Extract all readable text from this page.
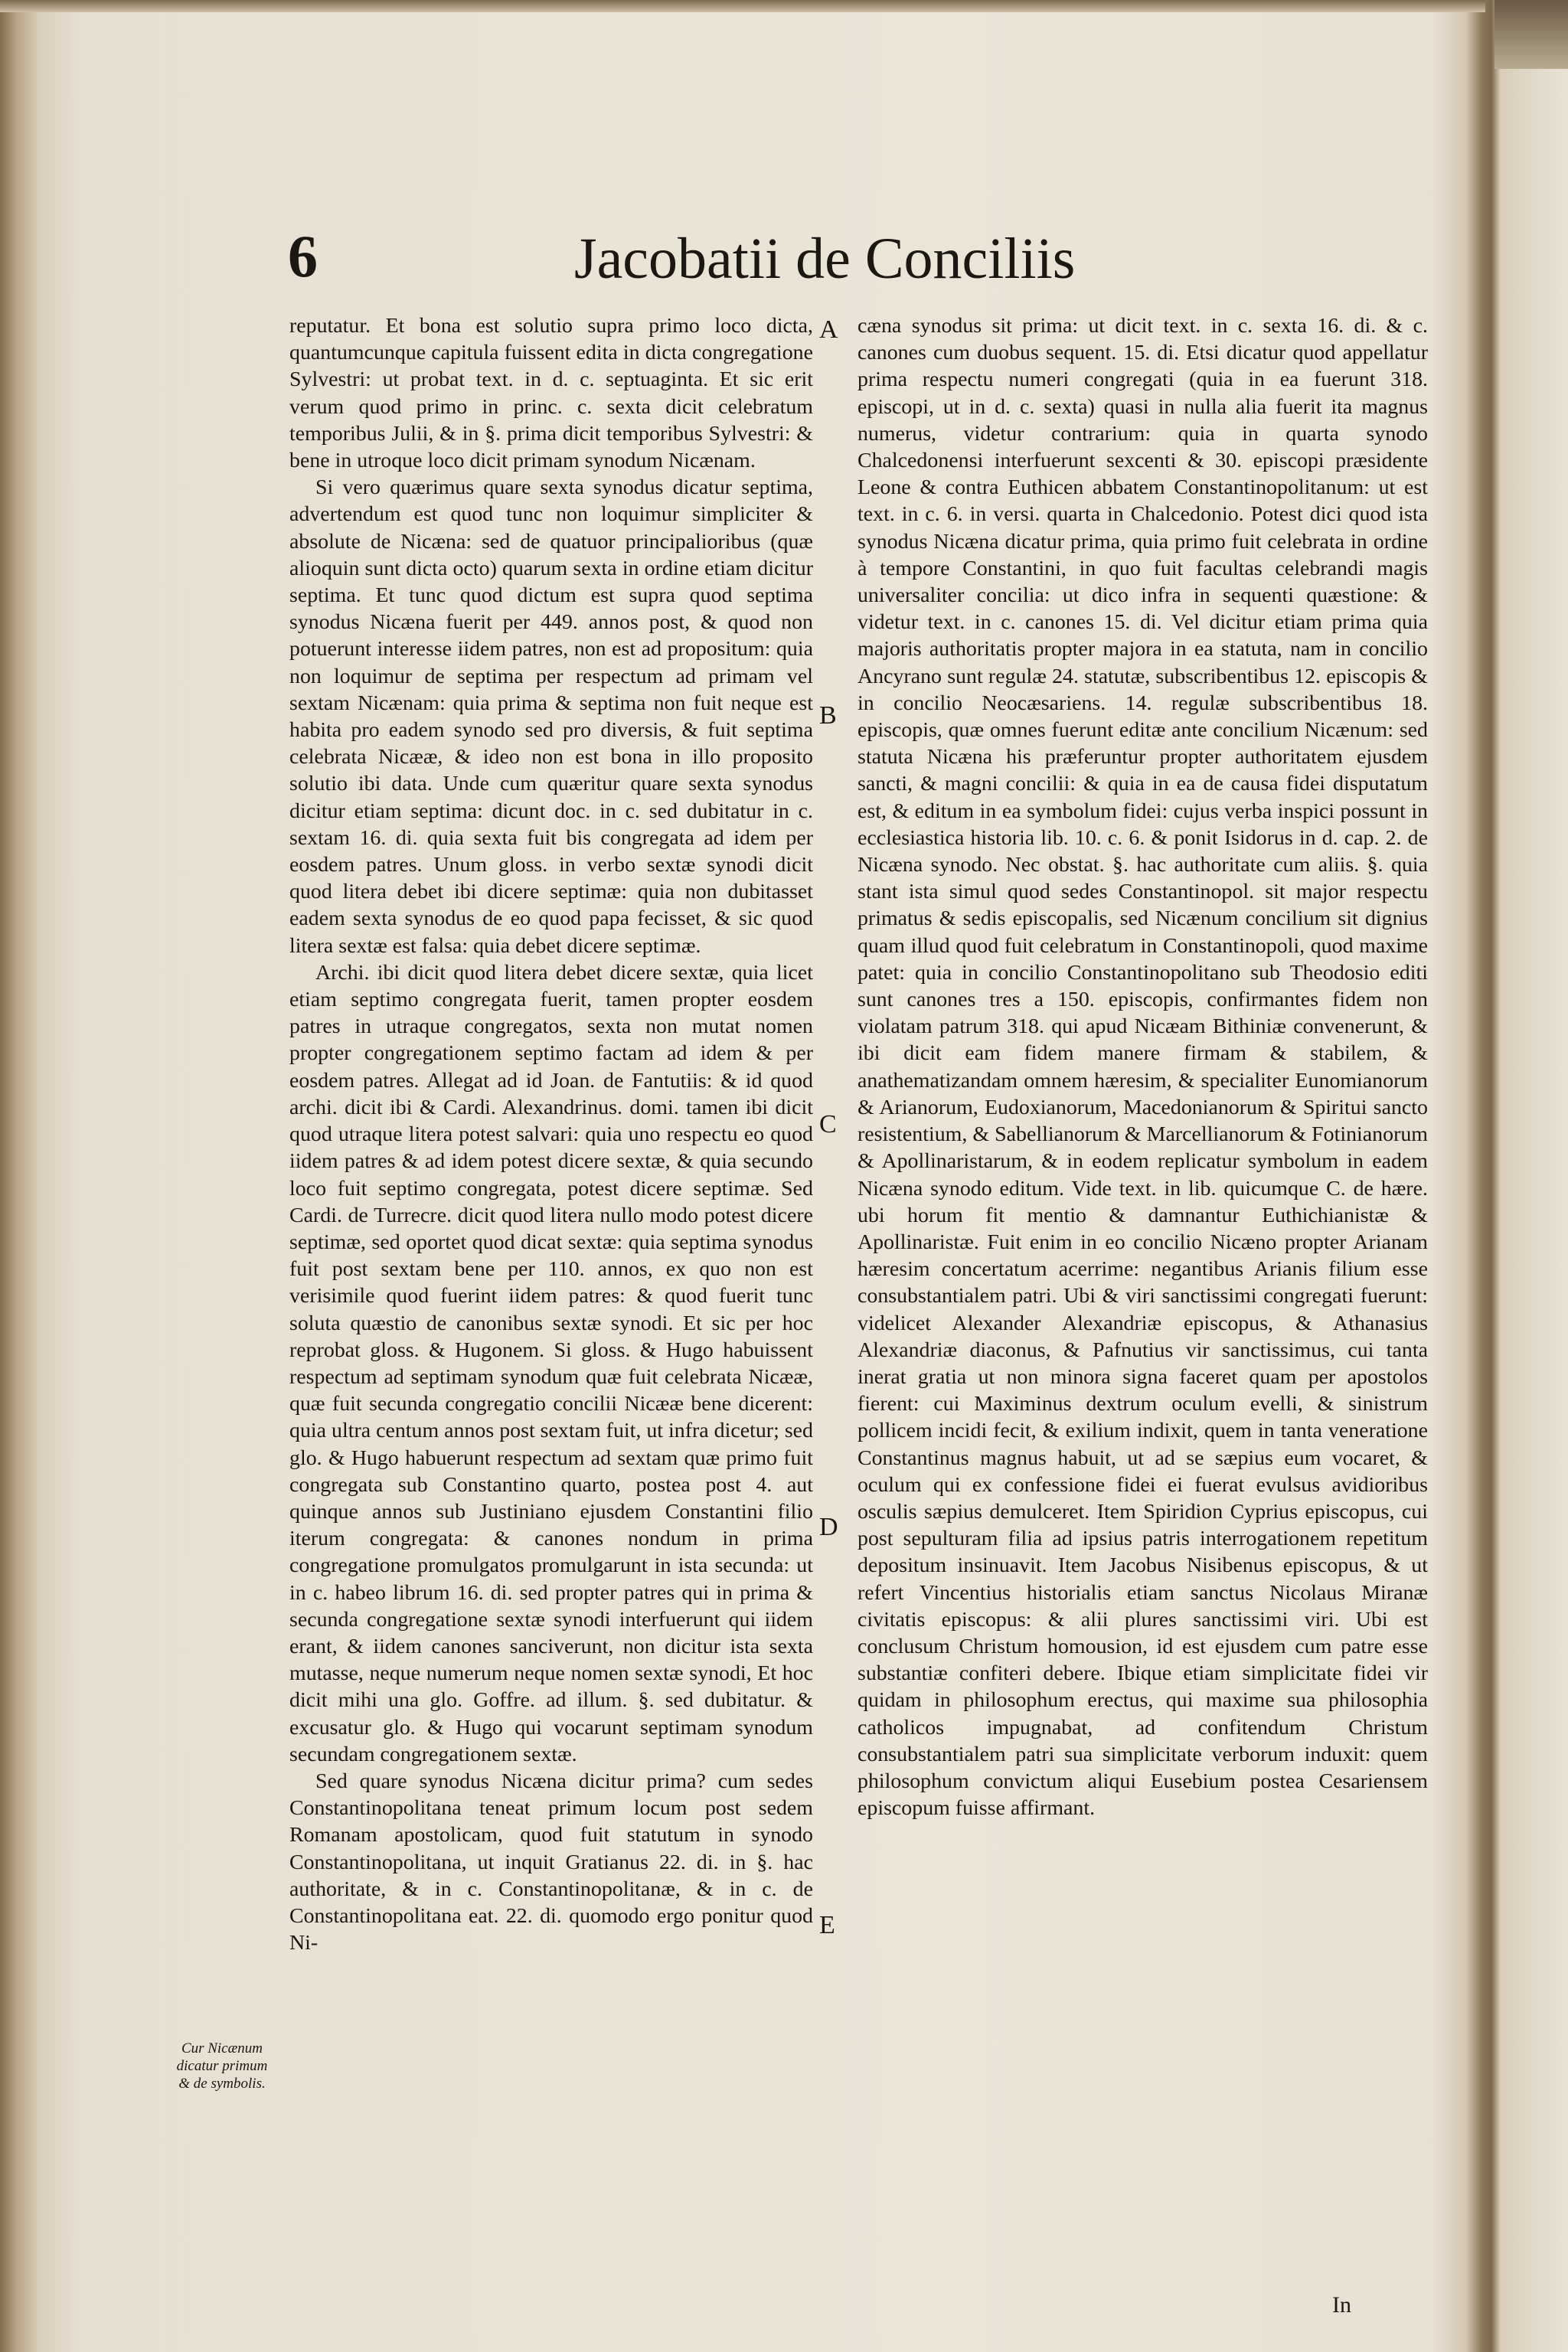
6	Jacobatii de Conciliis

reputatur. Et bona est solutio supra primo loco dicta, quantumcunque capitula fuissent edita in dicta congregatione Sylvestri: ut probat text. in d. c. septuaginta. Et sic erit verum quod primo in princ. c. sexta dicit celebratum temporibus Julii, & in §. prima dicit temporibus Sylvestri: & bene in utroque loco dicit primam synodum Nicænam.

Si vero quærimus quare sexta synodus dicatur septima, advertendum est quod tunc non loquimur simpliciter & absolute de Nicæna: sed de quatuor principalioribus (quæ alioquin sunt dicta octo) quarum sexta in ordine etiam dicitur septima. Et tunc quod dictum est supra quod septima synodus Nicæna fuerit per 449. annos post, & quod non potuerunt interesse iidem patres, non est ad propositum: quia non loquimur de septima per respectum ad primam vel sextam Nicænam: quia prima & septima non fuit neque est habita pro eadem synodo sed pro diversis, & fuit septima celebrata Nicææ, & ideo non est bona in illo proposito solutio ibi data. Unde cum quæritur quare sexta synodus dicitur etiam septima: dicunt doc. in c. sed dubitatur in c. sextam 16. di. quia sexta fuit bis congregata ad idem per eosdem patres. Unum gloss. in verbo sextæ synodi dicit quod litera debet ibi dicere septimæ: quia non dubitasset eadem sexta synodus de eo quod papa fecisset, & sic quod litera sextæ est falsa: quia debet dicere septimæ.

Archi. ibi dicit quod litera debet dicere sextæ, quia licet etiam septimo congregata fuerit, tamen propter eosdem patres in utraque congregatos, sexta non mutat nomen propter congregationem septimo factam ad idem & per eosdem patres. Allegat ad id Joan. de Fantutiis: & id quod archi. dicit ibi & Cardi. Alexandrinus. domi. tamen ibi dicit quod utraque litera potest salvari: quia uno respectu eo quod iidem patres & ad idem potest dicere sextæ, & quia secundo loco fuit septimo congregata, potest dicere septimæ. Sed Cardi. de Turrecre. dicit quod litera nullo modo potest dicere septimæ, sed oportet quod dicat sextæ: quia septima synodus fuit post sextam bene per 110. annos, ex quo non est verisimile quod fuerint iidem patres: & quod fuerit tunc soluta quæstio de canonibus sextæ synodi. Et sic per hoc reprobat gloss. & Hugonem. Si gloss. & Hugo habuissent respectum ad septimam synodum quæ fuit celebrata Nicææ, quæ fuit secunda congregatio concilii Nicææ bene dicerent: quia ultra centum annos post sextam fuit, ut infra dicetur; sed glo. & Hugo habuerunt respectum ad sextam quæ primo fuit congregata sub Constantino quarto, postea post 4. aut quinque annos sub Justiniano ejusdem Constantini filio iterum congregata: & canones nondum in prima congregatione promulgatos promulgarunt in ista secunda: ut in c. habeo librum 16. di. sed propter patres qui in prima & secunda congregatione sextæ synodi interfuerunt qui iidem erant, & iidem canones sanciverunt, non dicitur ista sexta mutasse, neque numerum neque nomen sextæ synodi, Et hoc dicit mihi una glo. Goffre. ad illum. §. sed dubitatur. & excusatur glo. & Hugo qui vocarunt septimam synodum secundam congregationem sextæ.

Sed quare synodus Nicæna dicitur prima? cum sedes Constantinopolitana teneat primum locum post sedem Romanam apostolicam, quod fuit statutum in synodo Constantinopolitana, ut inquit Gratianus 22. di. in §. hac authoritate, & in c. Constantinopolitanæ, & in c. de Constantinopolitana eat. 22. di. quomodo ergo ponitur quod Ni-

A
B
C
D
E

cæna synodus sit prima: ut dicit text. in c. sexta 16. di. & c. canones cum duobus sequent. 15. di. Etsi dicatur quod appellatur prima respectu numeri congregati (quia in ea fuerunt 318. episcopi, ut in d. c. sexta) quasi in nulla alia fuerit ita magnus numerus, videtur contrarium: quia in quarta synodo Chalcedonensi interfuerunt sexcenti & 30. episcopi præsidente Leone & contra Euthicen abbatem Constantinopolitanum: ut est text. in c. 6. in versi. quarta in Chalcedonio. Potest dici quod ista synodus Nicæna dicatur prima, quia primo fuit celebrata in ordine à tempore Constantini, in quo fuit facultas celebrandi magis universaliter concilia: ut dico infra in sequenti quæstione: & videtur text. in c. canones 15. di. Vel dicitur etiam prima quia majoris authoritatis propter majora in ea statuta, nam in concilio Ancyrano sunt regulæ 24. statutæ, subscribentibus 12. episcopis & in concilio Neocæsariens. 14. regulæ subscribentibus 18. episcopis, quæ omnes fuerunt editæ ante concilium Nicænum: sed statuta Nicæna his præferuntur propter authoritatem ejusdem sancti, & magni concilii: & quia in ea de causa fidei disputatum est, & editum in ea symbolum fidei: cujus verba inspici possunt in ecclesiastica historia lib. 10. c. 6. & ponit Isidorus in d. cap. 2. de Nicæna synodo. Nec obstat. §. hac authoritate cum aliis. §. quia stant ista simul quod sedes Constantinopol. sit major respectu primatus & sedis episcopalis, sed Nicænum concilium sit dignius quam illud quod fuit celebratum in Constantinopoli, quod maxime patet: quia in concilio Constantinopolitano sub Theodosio editi sunt canones tres a 150. episcopis, confirmantes fidem non violatam patrum 318. qui apud Nicæam Bithiniæ convenerunt, & ibi dicit eam fidem manere firmam & stabilem, & anathematizandam omnem hæresim, & specialiter Eunomianorum & Arianorum, Eudoxianorum, Macedonianorum & Spiritui sancto resistentium, & Sabellianorum & Marcellianorum & Fotinianorum & Apollinaristarum, & in eodem replicatur symbolum in eadem Nicæna synodo editum. Vide text. in lib. quicumque C. de hære. ubi horum fit mentio & damnantur Euthichianistæ & Apollinaristæ. Fuit enim in eo concilio Nicæno propter Arianam hæresim concertatum acerrime: negantibus Arianis filium esse consubstantialem patri. Ubi & viri sanctissimi congregati fuerunt: videlicet Alexander Alexandriæ episcopus, & Athanasius Alexandriæ diaconus, & Pafnutius vir sanctissimus, cui tanta inerat gratia ut non minora signa faceret quam per apostolos fierent: cui Maximinus dextrum oculum evelli, & sinistrum pollicem incidi fecit, & exilium indixit, quem in tanta veneratione Constantinus magnus habuit, ut ad se sæpius eum vocaret, & oculum qui ex confessione fidei ei fuerat evulsus avidioribus osculis sæpius demulceret. Item Spiridion Cyprius episcopus, cui post sepulturam filia ad ipsius patris interrogationem repetitum depositum insinuavit. Item Jacobus Nisibenus episcopus, & ut refert Vincentius historialis etiam sanctus Nicolaus Miranæ civitatis episcopus: & alii plures sanctissimi viri. Ubi est conclusum Christum homousion, id est ejusdem cum patre esse substantiæ confiteri debere. Ibique etiam simplicitate fidei vir quidam in philosophum erectus, qui maxime sua philosophia catholicos impugnabat, ad confitendum Christum consubstantialem patri sua simplicitate verborum induxit: quem philosophum convictum aliqui Eusebium postea Cesariensem episcopum fuisse affirmant.

Cur Nicænum dicatur primum & de symbolis.
In
